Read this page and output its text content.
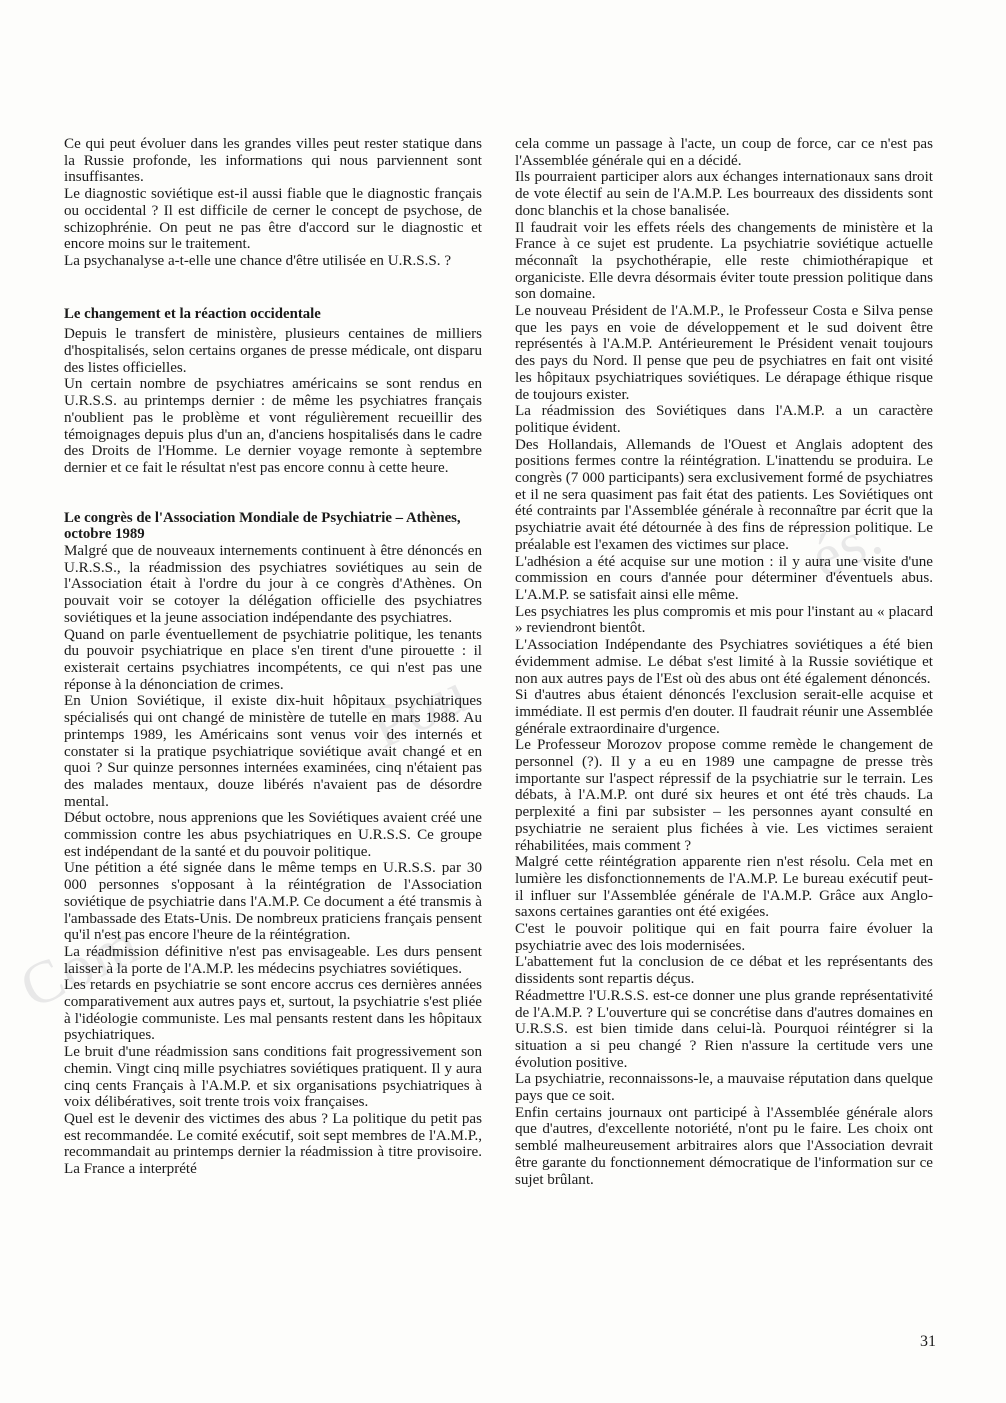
Com
Pou
és.

Ce qui peut évoluer dans les grandes villes peut rester statique dans la Russie profonde, les informations qui nous parviennent sont insuffisantes.

Le diagnostic soviétique est-il aussi fiable que le diagnostic français ou occidental ? Il est difficile de cerner le concept de psychose, de schizophrénie. On peut ne pas être d'accord sur le diagnostic et encore moins sur le traitement.

La psychanalyse a-t-elle une chance d'être utilisée en U.R.S.S. ?

Le changement et la réaction occidentale

Depuis le transfert de ministère, plusieurs centaines de milliers d'hospitalisés, selon certains organes de presse médicale, ont disparu des listes officielles.

Un certain nombre de psychiatres américains se sont rendus en U.R.S.S. au printemps dernier : de même les psychiatres français n'oublient pas le problème et vont régulièrement recueillir des témoignages depuis plus d'un an, d'anciens hospitalisés dans le cadre des Droits de l'Homme. Le dernier voyage remonte à septembre dernier et ce fait le résultat n'est pas encore connu à cette heure.

Le congrès de l'Association Mondiale de Psychiatrie – Athènes, octobre 1989

Malgré que de nouveaux internements continuent à être dénoncés en U.R.S.S., la réadmission des psychiatres soviétiques au sein de l'Association était à l'ordre du jour à ce congrès d'Athènes. On pouvait voir se cotoyer la délégation officielle des psychiatres soviétiques et la jeune association indépendante des psychiatres.

Quand on parle éventuellement de psychiatrie politique, les tenants du pouvoir psychiatrique en place s'en tirent d'une pirouette : il existerait certains psychiatres incompétents, ce qui n'est pas une réponse à la dénonciation de crimes.

En Union Soviétique, il existe dix-huit hôpitaux psychiatriques spécialisés qui ont changé de ministère de tutelle en mars 1988. Au printemps 1989, les Américains sont venus voir des internés et constater si la pratique psychiatrique soviétique avait changé et en quoi ? Sur quinze personnes internées examinées, cinq n'étaient pas des malades mentaux, douze libérés n'avaient pas de désordre mental.

Début octobre, nous apprenions que les Soviétiques avaient créé une commission contre les abus psychiatriques en U.R.S.S. Ce groupe est indépendant de la santé et du pouvoir politique.

Une pétition a été signée dans le même temps en U.R.S.S. par 30 000 personnes s'opposant à la réintégration de l'Association soviétique de psychiatrie dans l'A.M.P. Ce document a été transmis à l'ambassade des Etats-Unis. De nombreux praticiens français pensent qu'il n'est pas encore l'heure de la réintégration.

La réadmission définitive n'est pas envisageable. Les durs pensent laisser à la porte de l'A.M.P. les médecins psychiatres soviétiques.

Les retards en psychiatrie se sont encore accrus ces dernières années comparativement aux autres pays et, surtout, la psychiatrie s'est pliée à l'idéologie communiste. Les mal pensants restent dans les hôpitaux psychiatriques.

Le bruit d'une réadmission sans conditions fait progressivement son chemin. Vingt cinq mille psychiatres soviétiques pratiquent. Il y aura cinq cents Français à l'A.M.P. et six organisations psychiatriques à voix délibératives, soit trente trois voix françaises.

Quel est le devenir des victimes des abus ? La politique du petit pas est recommandée. Le comité exécutif, soit sept membres de l'A.M.P., recommandait au printemps dernier la réadmission à titre provisoire. La France a interprété

cela comme un passage à l'acte, un coup de force, car ce n'est pas l'Assemblée générale qui en a décidé.

Ils pourraient participer alors aux échanges internationaux sans droit de vote électif au sein de l'A.M.P. Les bourreaux des dissidents sont donc blanchis et la chose banalisée.

Il faudrait voir les effets réels des changements de ministère et la France à ce sujet est prudente. La psychiatrie soviétique actuelle méconnaît la psychothérapie, elle reste chimiothérapique et organiciste. Elle devra désormais éviter toute pression politique dans son domaine.

Le nouveau Président de l'A.M.P., le Professeur Costa e Silva pense que les pays en voie de développement et le sud doivent être représentés à l'A.M.P. Antérieurement le Président venait toujours des pays du Nord. Il pense que peu de psychiatres en fait ont visité les hôpitaux psychiatriques soviétiques. Le dérapage éthique risque de toujours exister.

La réadmission des Soviétiques dans l'A.M.P. a un caractère politique évident.

Des Hollandais, Allemands de l'Ouest et Anglais adoptent des positions fermes contre la réintégration. L'inattendu se produira. Le congrès (7 000 participants) sera exclusivement formé de psychiatres et il ne sera quasiment pas fait état des patients. Les Soviétiques ont été contraints par l'Assemblée générale à reconnaître par écrit que la psychiatrie avait été détournée à des fins de répression politique. Le préalable est l'examen des victimes sur place.

L'adhésion a été acquise sur une motion : il y aura une visite d'une commission en cours d'année pour déterminer d'éventuels abus. L'A.M.P. se satisfait ainsi elle même.

Les psychiatres les plus compromis et mis pour l'instant au « placard » reviendront bientôt.

L'Association Indépendante des Psychiatres soviétiques a été bien évidemment admise. Le débat s'est limité à la Russie soviétique et non aux autres pays de l'Est où des abus ont été également dénoncés.

Si d'autres abus étaient dénoncés l'exclusion serait-elle acquise et immédiate. Il est permis d'en douter. Il faudrait réunir une Assemblée générale extraordinaire d'urgence.

Le Professeur Morozov propose comme remède le changement de personnel (?). Il y a eu en 1989 une campagne de presse très importante sur l'aspect répressif de la psychiatrie sur le terrain. Les débats, à l'A.M.P. ont duré six heures et ont été très chauds. La perplexité a fini par subsister – les personnes ayant consulté en psychiatrie ne seraient plus fichées à vie. Les victimes seraient réhabilitées, mais comment ?

Malgré cette réintégration apparente rien n'est résolu. Cela met en lumière les disfonctionnements de l'A.M.P. Le bureau exécutif peut-il influer sur l'Assemblée générale de l'A.M.P. Grâce aux Anglo-saxons certaines garanties ont été exigées.

C'est le pouvoir politique qui en fait pourra faire évoluer la psychiatrie avec des lois modernisées.

L'abattement fut la conclusion de ce débat et les représentants des dissidents sont repartis déçus.

Réadmettre l'U.R.S.S. est-ce donner une plus grande représentativité de l'A.M.P. ? L'ouverture qui se concrétise dans d'autres domaines en U.R.S.S. est bien timide dans celui-là. Pourquoi réintégrer si la situation a si peu changé ? Rien n'assure la certitude vers une évolution positive.

La psychiatrie, reconnaissons-le, a mauvaise réputation dans quelque pays que ce soit.

Enfin certains journaux ont participé à l'Assemblée générale alors que d'autres, d'excellente notoriété, n'ont pu le faire. Les choix ont semblé malheureusement arbitraires alors que l'Association devrait être garante du fonctionnement démocratique de l'information sur ce sujet brûlant.

31
